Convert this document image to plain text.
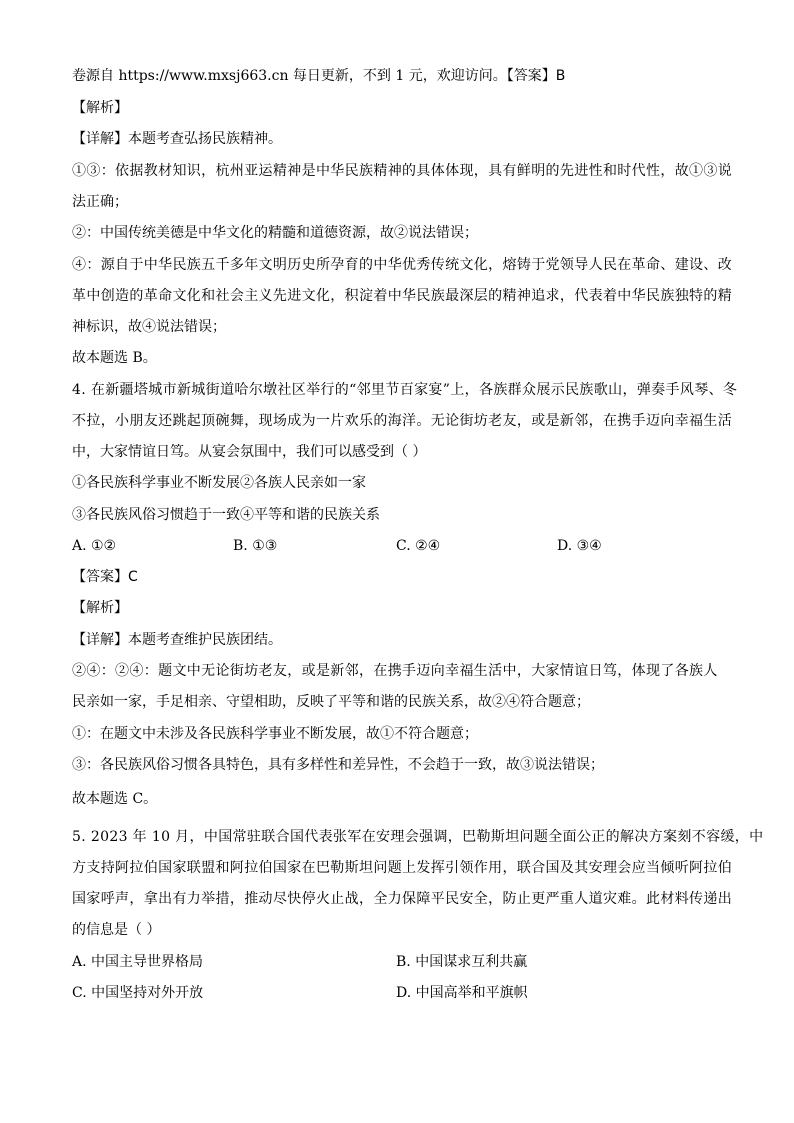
卷源自 https://www.mxsj663.cn 每日更新，不到 1 元，欢迎访问。【答案】B
【解析】
【详解】本题考查弘扬民族精神。
①③：依据教材知识，杭州亚运精神是中华民族精神的具体体现，具有鲜明的先进性和时代性，故①③说
法正确；
②：中国传统美德是中华文化的精髓和道德资源，故②说法错误；
④：源自于中华民族五千多年文明历史所孕育的中华优秀传统文化，熔铸于党领导人民在革命、建设、改
革中创造的革命文化和社会主义先进文化，积淀着中华民族最深层的精神追求，代表着中华民族独特的精
神标识，故④说法错误；
故本题选 B。
4. 在新疆塔城市新城街道哈尔墩社区举行的“邻里节百家宴”上，各族群众展示民族歌山，弹奏手风琴、冬
不拉，小朋友还跳起顶碗舞，现场成为一片欢乐的海洋。无论街坊老友，或是新邻，在携手迈向幸福生活
中，大家情谊日笃。从宴会氛围中，我们可以感受到（ ）
①各民族科学事业不断发展②各族人民亲如一家
③各民族风俗习惯趋于一致④平等和谐的民族关系
A. ①②	B. ①③	C. ②④	D. ③④
【答案】C
【解析】
【详解】本题考查维护民族团结。
②④：②④：题文中无论街坊老友，或是新邻，在携手迈向幸福生活中，大家情谊日笃，体现了各族人
民亲如一家，手足相亲、守望相助，反映了平等和谐的民族关系，故②④符合题意；
①：在题文中未涉及各民族科学事业不断发展，故①不符合题意；
③：各民族风俗习惯各具特色，具有多样性和差异性，不会趋于一致，故③说法错误；
故本题选 C。
5. 2023 年 10 月，中国常驻联合国代表张军在安理会强调，巴勒斯坦问题全面公正的解决方案刻不容缓，中
方支持阿拉伯国家联盟和阿拉伯国家在巴勒斯坦问题上发挥引领作用，联合国及其安理会应当倾听阿拉伯
国家呼声，拿出有力举措，推动尽快停火止战，全力保障平民安全，防止更严重人道灾难。此材料传递出
的信息是（ ）
A. 中国主导世界格局	B. 中国谋求互利共赢
C. 中国坚持对外开放	D. 中国高举和平旗帜
